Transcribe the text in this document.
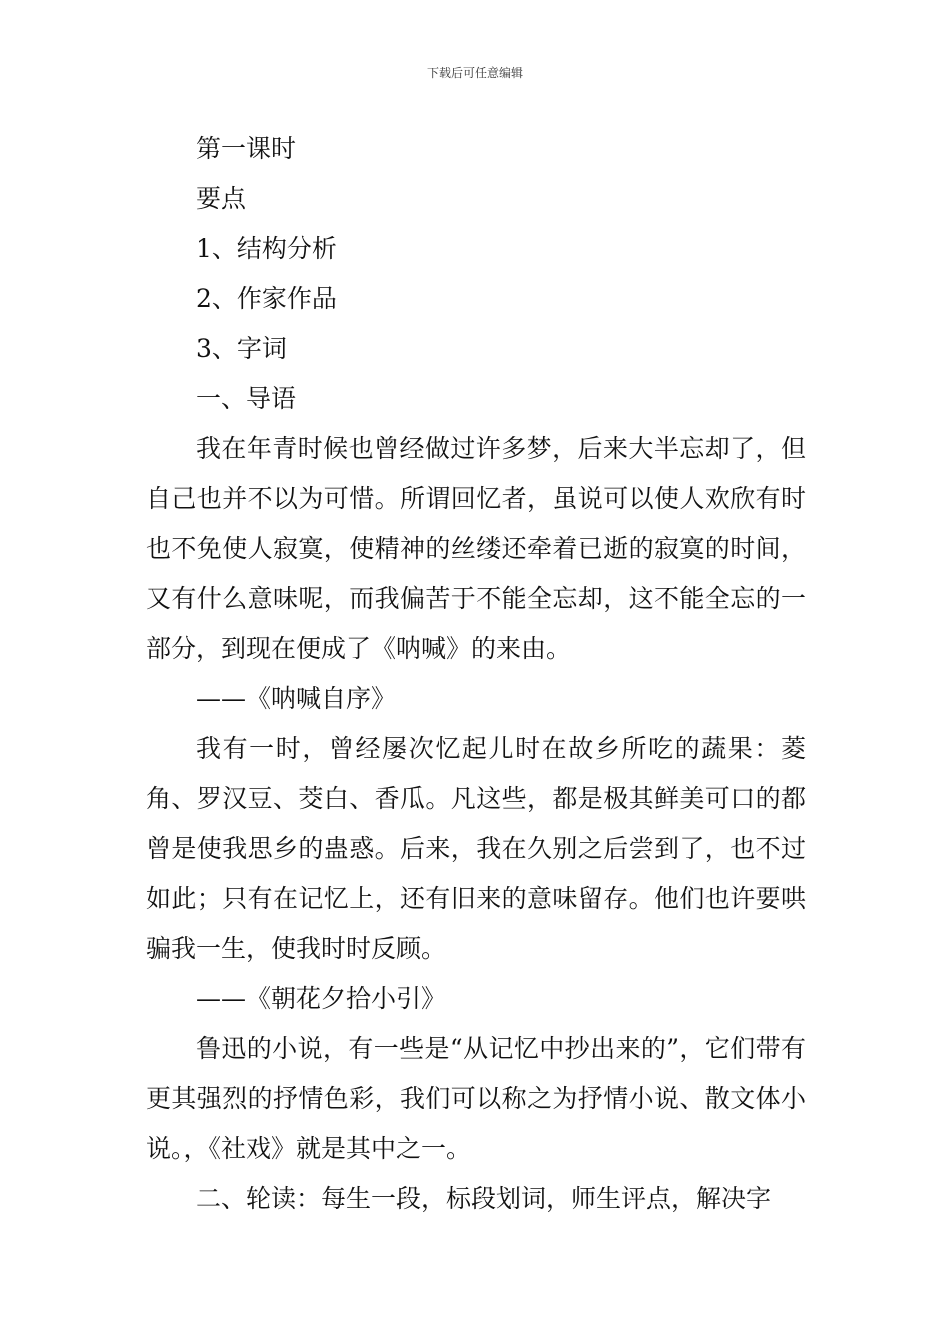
下载后可任意编辑

第一课时

要点

1、结构分析

2、作家作品

3、字词

一、导语

我在年青时候也曾经做过许多梦，后来大半忘却了，但自己也并不以为可惜。所谓回忆者，虽说可以使人欢欣有时也不免使人寂寞，使精神的丝缕还牵着已逝的寂寞的时间，又有什么意味呢，而我偏苦于不能全忘却，这不能全忘的一部分，到现在便成了《呐喊》的来由。

——《呐喊自序》

我有一时，曾经屡次忆起儿时在故乡所吃的蔬果：菱角、罗汉豆、茭白、香瓜。凡这些，都是极其鲜美可口的都曾是使我思乡的蛊惑。后来，我在久别之后尝到了，也不过如此；只有在记忆上，还有旧来的意味留存。他们也许要哄骗我一生，使我时时反顾。

——《朝花夕拾小引》

鲁迅的小说，有一些是“从记忆中抄出来的”，它们带有更其强烈的抒情色彩，我们可以称之为抒情小说、散文体小说。，《社戏》就是其中之一。

二、轮读：每生一段，标段划词，师生评点，解决字
